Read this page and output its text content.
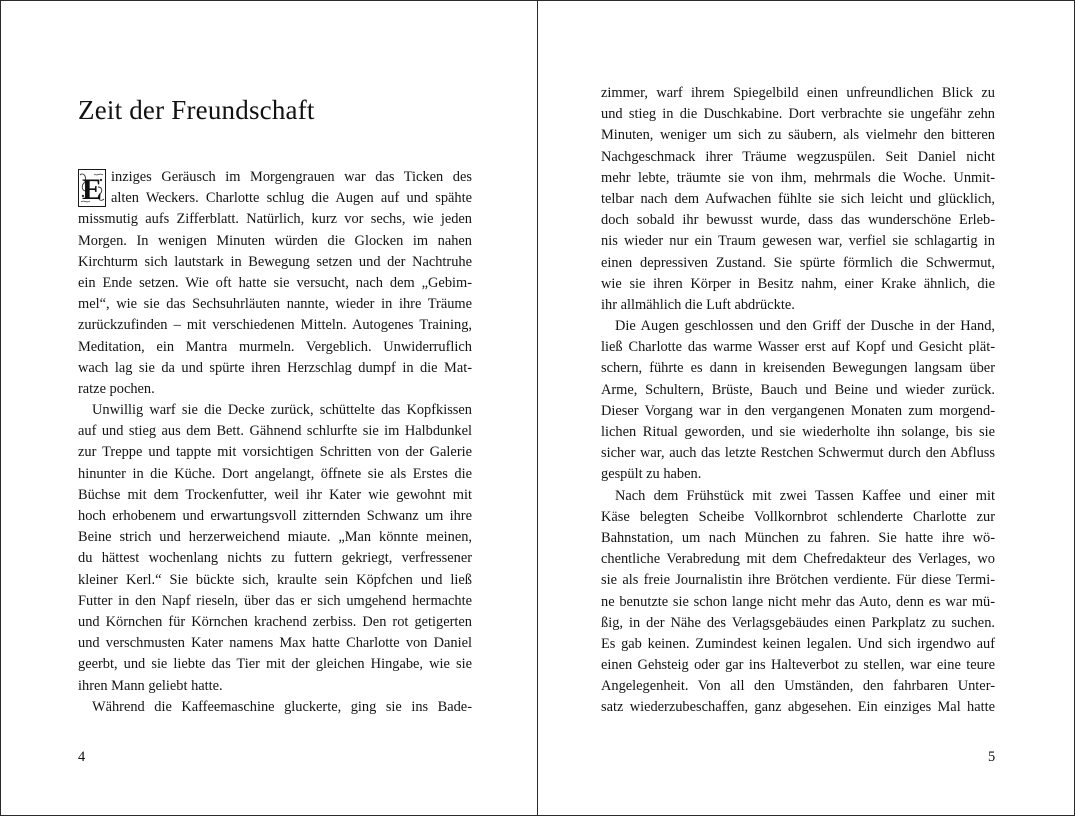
Zeit der Freundschaft
E inziges Geräusch im Morgengrauen war das Ticken des
alten Weckers. Charlotte schlug die Augen auf und spähte
missmutig aufs Zifferblatt. Natürlich, kurz vor sechs, wie jeden
Morgen. In wenigen Minuten würden die Glocken im nahen
Kirchturm sich lautstark in Bewegung setzen und der Nachtruhe
ein Ende setzen. Wie oft hatte sie versucht, nach dem „Gebim-
mel“, wie sie das Sechsuhrläuten nannte, wieder in ihre Träume
zurückzufinden – mit verschiedenen Mitteln. Autogenes Training,
Meditation, ein Mantra murmeln. Vergeblich. Unwiderruflich
wach lag sie da und spürte ihren Herzschlag dumpf in die Mat-
ratze pochen.
Unwillig warf sie die Decke zurück, schüttelte das Kopfkissen
auf und stieg aus dem Bett. Gähnend schlurfte sie im Halbdunkel
zur Treppe und tappte mit vorsichtigen Schritten von der Galerie
hinunter in die Küche. Dort angelangt, öffnete sie als Erstes die
Büchse mit dem Trockenfutter, weil ihr Kater wie gewohnt mit
hoch erhobenem und erwartungsvoll zitternden Schwanz um ihre
Beine strich und herzerweichend miaute. „Man könnte meinen,
du hättest wochenlang nichts zu futtern gekriegt, verfressener
kleiner Kerl.“ Sie bückte sich, kraulte sein Köpfchen und ließ
Futter in den Napf rieseln, über das er sich umgehend hermachte
und Körnchen für Körnchen krachend zerbiss. Den rot getigerten
und verschmusten Kater namens Max hatte Charlotte von Daniel
geerbt, und sie liebte das Tier mit der gleichen Hingabe, wie sie
ihren Mann geliebt hatte.
Während die Kaffeemaschine gluckerte, ging sie ins Bade-
4
zimmer, warf ihrem Spiegelbild einen unfreundlichen Blick zu
und stieg in die Duschkabine. Dort verbrachte sie ungefähr zehn
Minuten, weniger um sich zu säubern, als vielmehr den bitteren
Nachgeschmack ihrer Träume wegzuspülen. Seit Daniel nicht
mehr lebte, träumte sie von ihm, mehrmals die Woche. Unmit-
telbar nach dem Aufwachen fühlte sie sich leicht und glücklich,
doch sobald ihr bewusst wurde, dass das wunderschöne Erleb-
nis wieder nur ein Traum gewesen war, verfiel sie schlagartig in
einen depressiven Zustand. Sie spürte förmlich die Schwermut,
wie sie ihren Körper in Besitz nahm, einer Krake ähnlich, die
ihr allmählich die Luft abdrückte.
Die Augen geschlossen und den Griff der Dusche in der Hand,
ließ Charlotte das warme Wasser erst auf Kopf und Gesicht plät-
schern, führte es dann in kreisenden Bewegungen langsam über
Arme, Schultern, Brüste, Bauch und Beine und wieder zurück.
Dieser Vorgang war in den vergangenen Monaten zum morgend-
lichen Ritual geworden, und sie wiederholte ihn solange, bis sie
sicher war, auch das letzte Restchen Schwermut durch den Abfluss
gespült zu haben.
Nach dem Frühstück mit zwei Tassen Kaffee und einer mit
Käse belegten Scheibe Vollkornbrot schlenderte Charlotte zur
Bahnstation, um nach München zu fahren. Sie hatte ihre wö-
chentliche Verabredung mit dem Chefredakteur des Verlages, wo
sie als freie Journalistin ihre Brötchen verdiente. Für diese Termi-
ne benutzte sie schon lange nicht mehr das Auto, denn es war mü-
ßig, in der Nähe des Verlagsgebäudes einen Parkplatz zu suchen.
Es gab keinen. Zumindest keinen legalen. Und sich irgendwo auf
einen Gehsteig oder gar ins Halteverbot zu stellen, war eine teure
Angelegenheit. Von all den Umständen, den fahrbaren Unter-
satz wiederzubeschaffen, ganz abgesehen. Ein einziges Mal hatte
5
